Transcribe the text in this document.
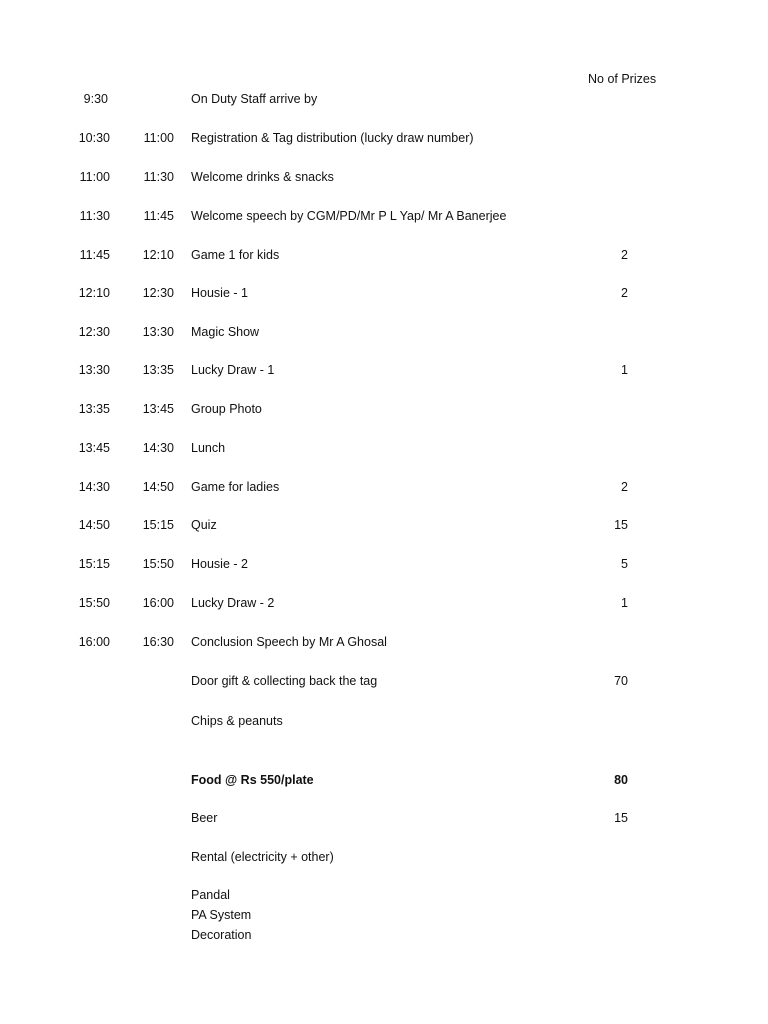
No of Prizes
9:30	On Duty Staff arrive by
10:30	11:00 Registration & Tag distribution (lucky draw number)
11:00	11:30 Welcome drinks & snacks
11:30	11:45 Welcome speech by CGM/PD/Mr P L Yap/ Mr A Banerjee
11:45	12:10 Game 1 for kids	2
12:10	12:30 Housie - 1	2
12:30	13:30 Magic Show
13:30	13:35 Lucky Draw - 1	1
13:35	13:45 Group Photo
13:45	14:30 Lunch
14:30	14:50 Game for ladies	2
14:50	15:15 Quiz	15
15:15	15:50 Housie - 2	5
15:50	16:00 Lucky Draw - 2	1
16:00	16:30 Conclusion Speech by Mr A Ghosal
Door gift & collecting back the tag	70
Chips & peanuts
Food @ Rs 550/plate	80
Beer	15
Rental (electricity + other)
Pandal
PA System
Decoration
